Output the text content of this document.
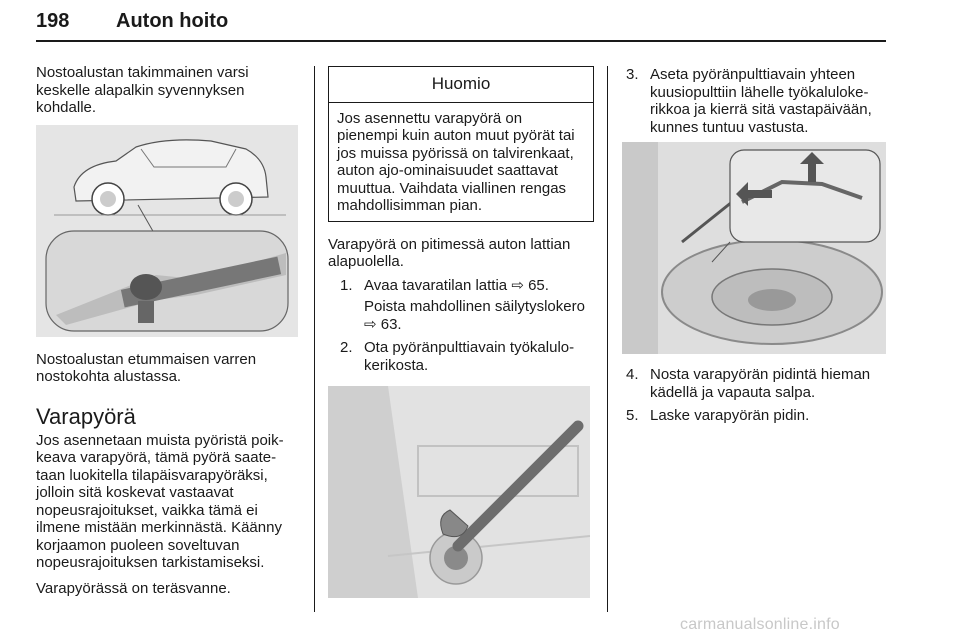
198 Auton hoito

Nostoalustan takimmainen varsi keskelle alapalkin syvennyksen kohdalle.

Nostoalustan etummaisen varren nostokohta alustassa.

Varapyörä

Jos asennetaan muista pyöristä poikkeava varapyörä, tämä pyörä saatetaan luokitella tilapäisvarapyöräksi, jolloin sitä koskevat vastaavat nopeusrajoitukset, vaikka tämä ei ilmene mistään merkinnästä. Käänny korjaamon puoleen soveltuvan nopeusrajoituksen tarkistamiseksi.

Varapyörässä on teräsvanne.

Huomio
Jos asennettu varapyörä on pienempi kuin auton muut pyörät tai jos muissa pyörissä on talvirenkaat, auton ajo-ominaisuudet saattavat muuttua. Vaihdata viallinen rengas mahdollisimman pian.

Varapyörä on pitimessä auton lattian alapuolella.

1. Avaa tavaratilan lattia ⇨ 65.
Poista mahdollinen säilytyslokero
⇨ 63.
2. Ota pyöränpulttiavain työkalulokerikosta.
3. Aseta pyöränpulttiavain yhteen kuusiopulttiin lähelle työkalulokerikkoa ja kierrä sitä vastapäivään, kunnes tuntuu vastusta.
4. Nosta varapyörän pidintä hieman kädellä ja vapauta salpa.
5. Laske varapyörän pidin.
carmanualsonline.info
